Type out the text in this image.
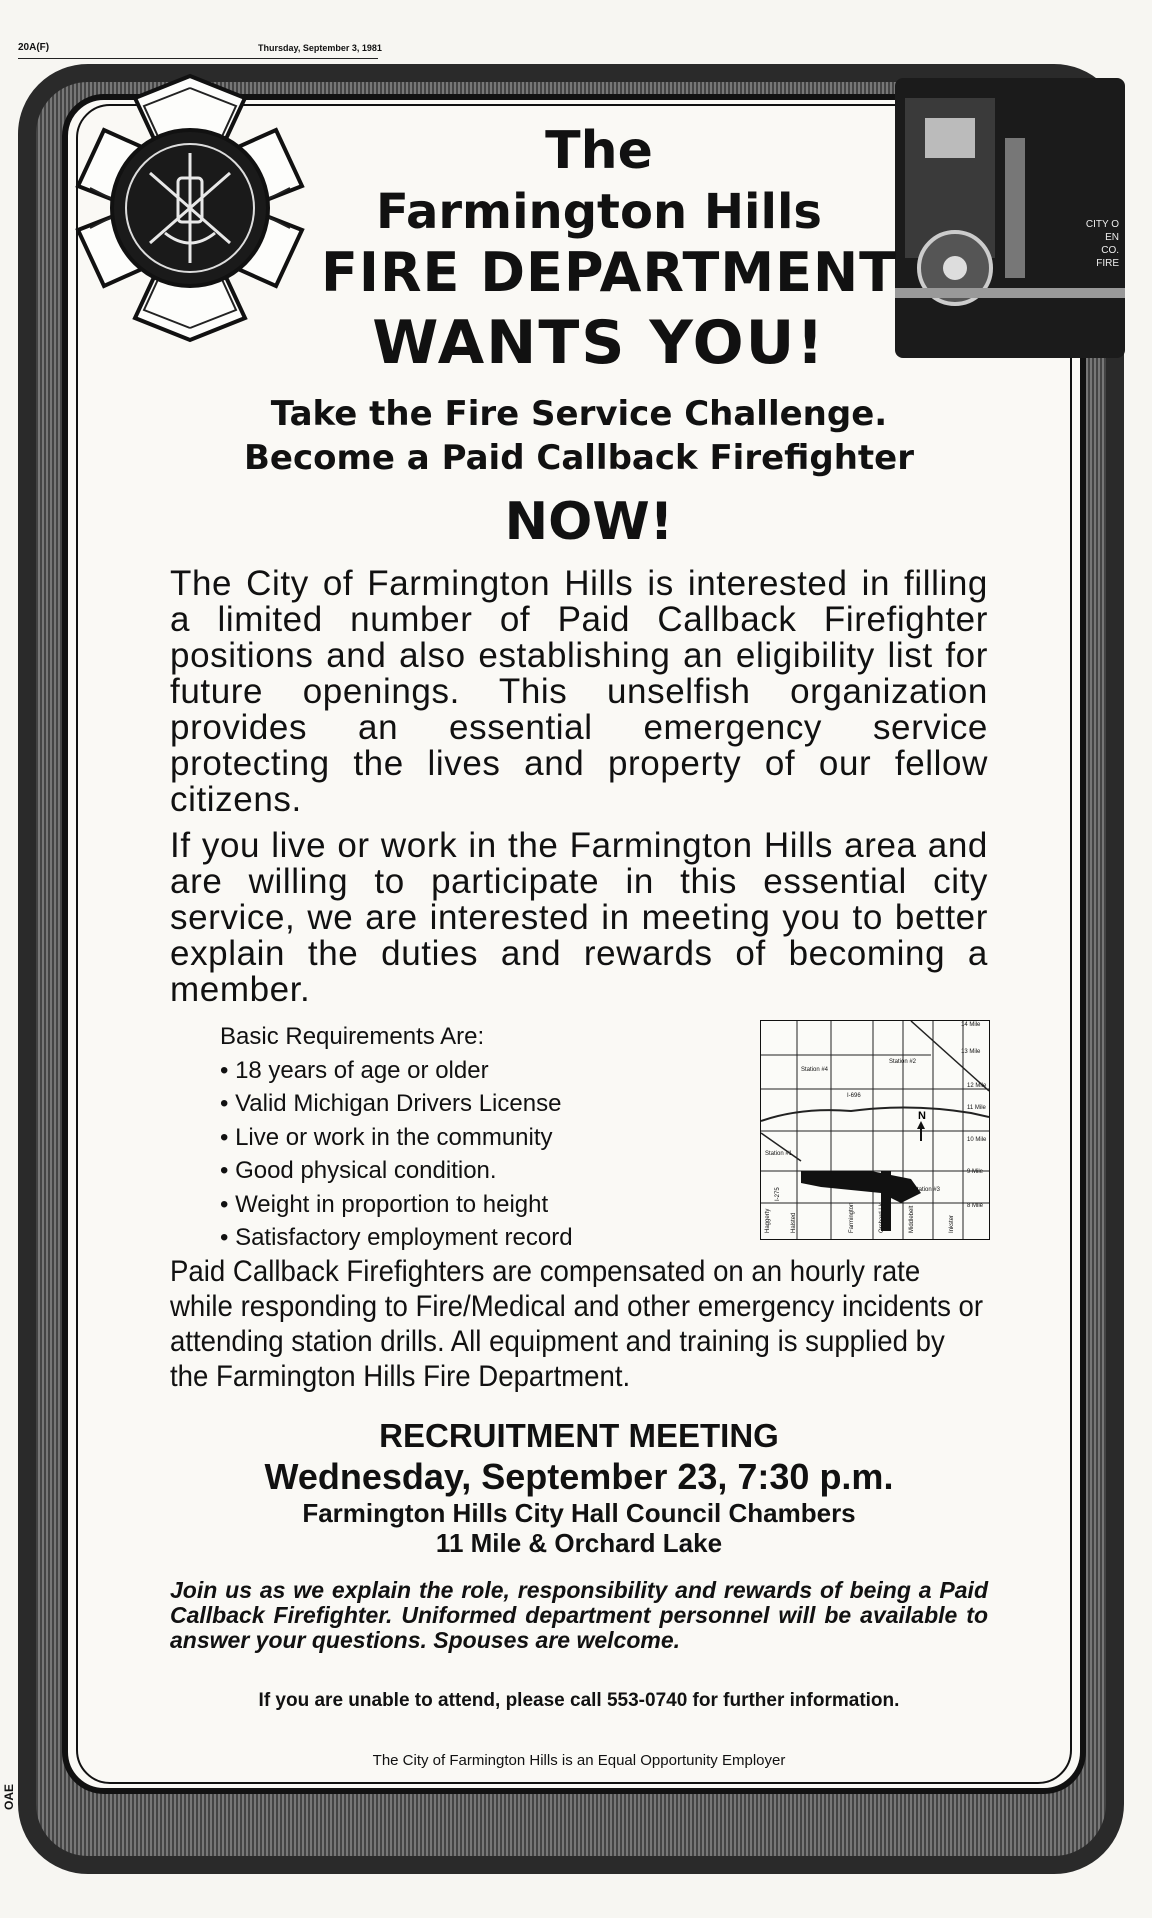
20A(F)	Thursday, September 3, 1981
OAE
CITY O
EN
CO.
FIRE
The
Farmington Hills
FIRE DEPARTMENT
WANTS YOU!
Take the Fire Service Challenge.
Become a Paid Callback Firefighter
NOW!
The City of Farmington Hills is interested in filling a limited number of Paid Callback Firefighter positions and also establishing an eligibility list for future openings. This unselfish organization provides an essential emergency service protecting the lives and property of our fellow citizens.
If you live or work in the Farmington Hills area and are willing to participate in this essential city service, we are interested in meeting you to better explain the duties and rewards of becoming a member.
Basic Requirements Are:
• 18 years of age or older
• Valid Michigan Drivers License
• Live or work in the community
• Good physical condition.
• Weight in proportion to height
• Satisfactory employment record
N
14 Mile
13 Mile
12 Mile
11 Mile
10 Mile
9 Mile
8 Mile
I-696
Haggerty
I-275
Halsted	Farmington	Orchard Lk	Middlebelt	Inkster
Station #4
Station #2
Station #1
Station #3
Paid Callback Firefighters are compensated on an hourly rate while responding to Fire/Medical and other emergency incidents or attending station drills. All equipment and training is supplied by the Farmington Hills Fire Department.
RECRUITMENT MEETING
Wednesday, September 23, 7:30 p.m.
Farmington Hills City Hall Council Chambers
11 Mile & Orchard Lake
Join us as we explain the role, responsibility and rewards of being a Paid Callback Firefighter. Uniformed department personnel will be available to answer your questions. Spouses are welcome.
If you are unable to attend, please call 553-0740 for further information.
The City of Farmington Hills is an Equal Opportunity Employer
